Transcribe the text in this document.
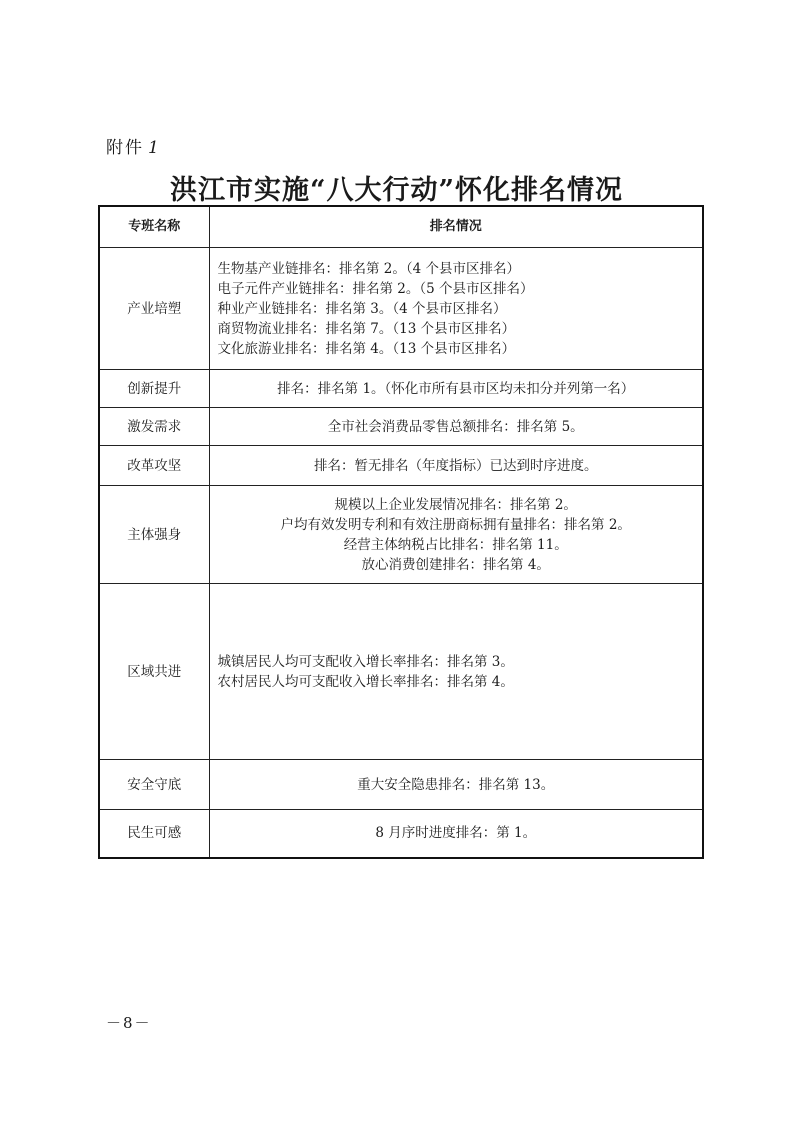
附件 1
洪江市实施“八大行动”怀化排名情况
专班名称	排名情况
产业培塑	生物基产业链排名：排名第 2。（4 个县市区排名）
电子元件产业链排名：排名第 2。（5 个县市区排名）
种业产业链排名：排名第 3。（4 个县市区排名）
商贸物流业排名：排名第 7。（13 个县市区排名）
文化旅游业排名：排名第 4。（13 个县市区排名）

创新提升	排名：排名第 1。（怀化市所有县市区均未扣分并列第一名）

激发需求	全市社会消费品零售总额排名：排名第 5。

改革攻坚	排名：暂无排名（年度指标）已达到时序进度。

主体强身	规模以上企业发展情况排名：排名第 2。
户均有效发明专利和有效注册商标拥有量排名：排名第 2。
经营主体纳税占比排名：排名第 11。
放心消费创建排名：排名第 4。

区域共进	城镇居民人均可支配收入增长率排名：排名第 3。
农村居民人均可支配收入增长率排名：排名第 4。

安全守底	重大安全隐患排名：排名第 13。

民生可感	8 月序时进度排名：第 1。
－8－
